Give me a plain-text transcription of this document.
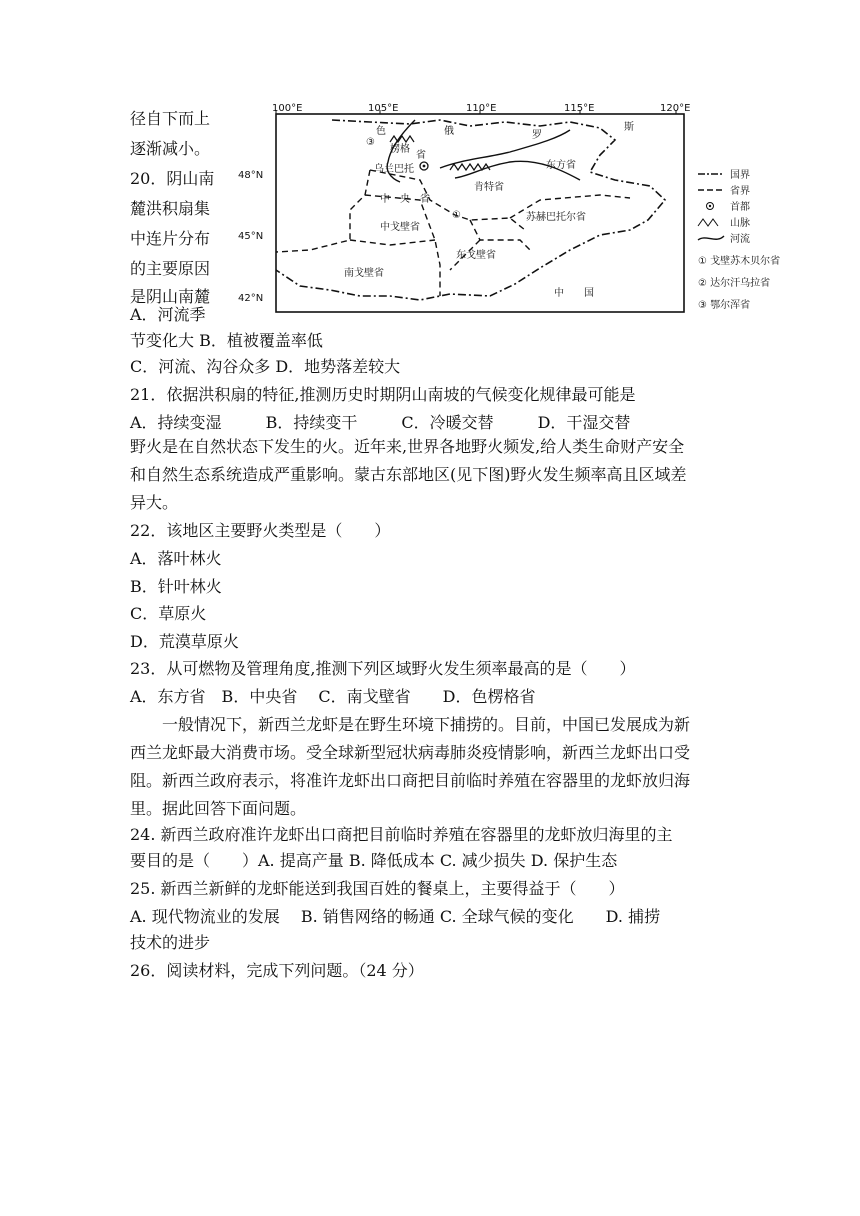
径自下而上
逐渐减小。
20．阴山南
麓洪积扇集
中连片分布
的主要原因
是阴山南麓
A．河流季
100°E	105°E	110°E	115°E	120°E
48°N
45°N
42°N
色
③
楞格
省
俄	罗
斯
乌兰巴托	东方省
肯特省
中　央　省
①	苏赫巴托尔省
中戈壁省
东戈壁省
南戈壁省
中　　国
国界
省界
首都
山脉
河流
① 戈壁苏木贝尔省
② 达尔汗乌拉省
③ 鄂尔浑省
节变化大 B．植被覆盖率低
C．河流、沟谷众多 D．地势落差较大
21．依据洪积扇的特征,推测历史时期阴山南坡的气候变化规律最可能是
A．持续变湿	B．持续变干	C．冷暖交替	D．干湿交替
野火是在自然状态下发生的火。近年来,世界各地野火频发,给人类生命财产安全
和自然生态系统造成严重影响。蒙古东部地区(见下图)野火发生频率高且区域差
异大。
22．该地区主要野火类型是（　　）
A．落叶林火
B．针叶林火
C．草原火
D．荒漠草原火
23．从可燃物及管理角度,推测下列区域野火发生须率最高的是（　　）
A．东方省　B．中央省　 C．南戈壁省　　D．色楞格省
一般情况下，新西兰龙虾是在野生环境下捕捞的。目前，中国已发展成为新
西兰龙虾最大消费市场。受全球新型冠状病毒肺炎疫情影响，新西兰龙虾出口受
阻。新西兰政府表示，将准许龙虾出口商把目前临时养殖在容器里的龙虾放归海
里。据此回答下面问题。
24. 新西兰政府准许龙虾出口商把目前临时养殖在容器里的龙虾放归海里的主
要目的是（　　）A. 提高产量 B. 降低成本 C. 减少损失 D. 保护生态
25. 新西兰新鲜的龙虾能送到我国百姓的餐桌上，主要得益于（　　）
A. 现代物流业的发展　 B. 销售网络的畅通 C. 全球气候的变化　　D. 捕捞
技术的进步
26．阅读材料，完成下列问题。（24 分）
